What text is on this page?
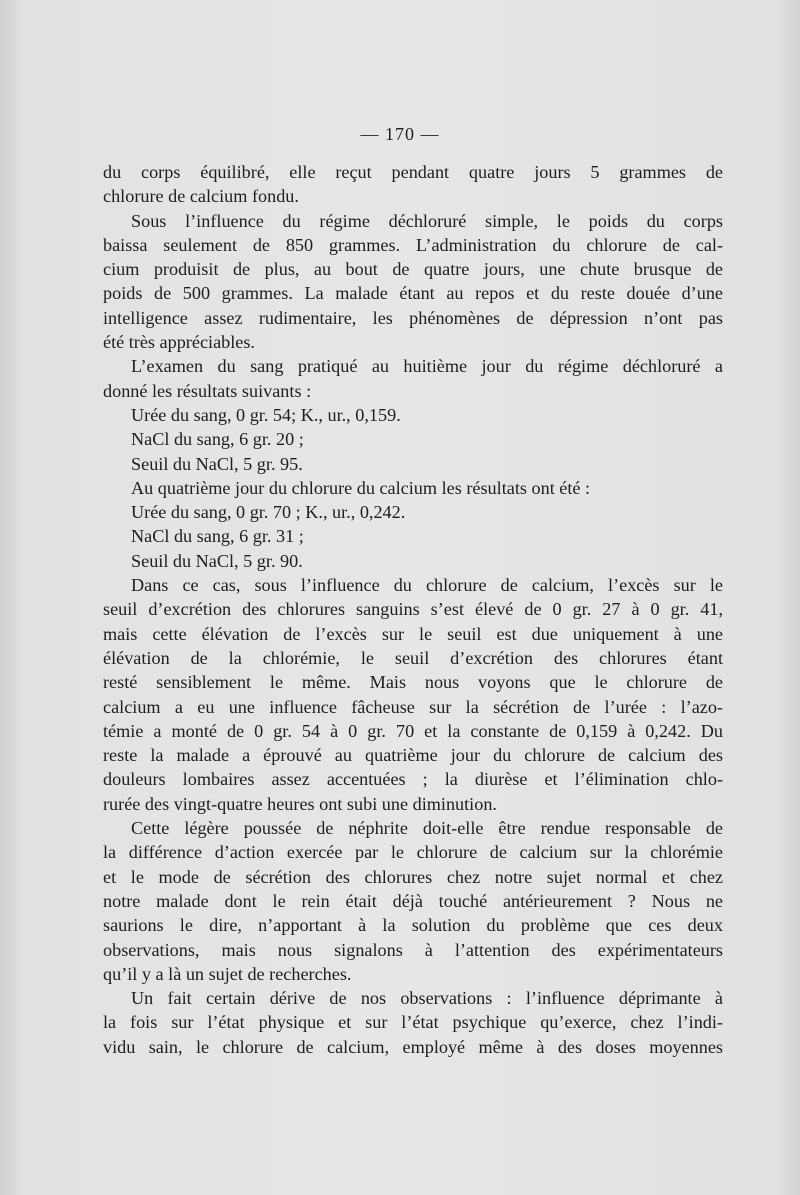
— 170 —
du corps équilibré, elle reçut pendant quatre jours 5 grammes de
chlorure de calcium fondu.
Sous l’influence du régime déchloruré simple, le poids du corps
baissa seulement de 850 grammes. L’administration du chlorure de cal-
cium produisit de plus, au bout de quatre jours, une chute brusque de
poids de 500 grammes. La malade étant au repos et du reste douée d’une
intelligence assez rudimentaire, les phénomènes de dépression n’ont pas
été très appréciables.
L’examen du sang pratiqué au huitième jour du régime déchloruré a
donné les résultats suivants :
Urée du sang, 0 gr. 54; K., ur., 0,159.
NaCl du sang, 6 gr. 20 ;
Seuil du NaCl, 5 gr. 95.
Au quatrième jour du chlorure du calcium les résultats ont été :
Urée du sang, 0 gr. 70 ; K., ur., 0,242.
NaCl du sang, 6 gr. 31 ;
Seuil du NaCl, 5 gr. 90.
Dans ce cas, sous l’influence du chlorure de calcium, l’excès sur le
seuil d’excrétion des chlorures sanguins s’est élevé de 0 gr. 27 à 0 gr. 41,
mais cette élévation de l’excès sur le seuil est due uniquement à une
élévation de la chlorémie, le seuil d’excrétion des chlorures étant
resté sensiblement le même. Mais nous voyons que le chlorure de
calcium a eu une influence fâcheuse sur la sécrétion de l’urée : l’azo-
témie a monté de 0 gr. 54 à 0 gr. 70 et la constante de 0,159 à 0,242. Du
reste la malade a éprouvé au quatrième jour du chlorure de calcium des
douleurs lombaires assez accentuées ; la diurèse et l’élimination chlo-
rurée des vingt-quatre heures ont subi une diminution.
Cette légère poussée de néphrite doit-elle être rendue responsable de
la différence d’action exercée par le chlorure de calcium sur la chlorémie
et le mode de sécrétion des chlorures chez notre sujet normal et chez
notre malade dont le rein était déjà touché antérieurement ? Nous ne
saurions le dire, n’apportant à la solution du problème que ces deux
observations, mais nous signalons à l’attention des expérimentateurs
qu’il y a là un sujet de recherches.
Un fait certain dérive de nos observations : l’influence déprimante à
la fois sur l’état physique et sur l’état psychique qu’exerce, chez l’indi-
vidu sain, le chlorure de calcium, employé même à des doses moyennes
